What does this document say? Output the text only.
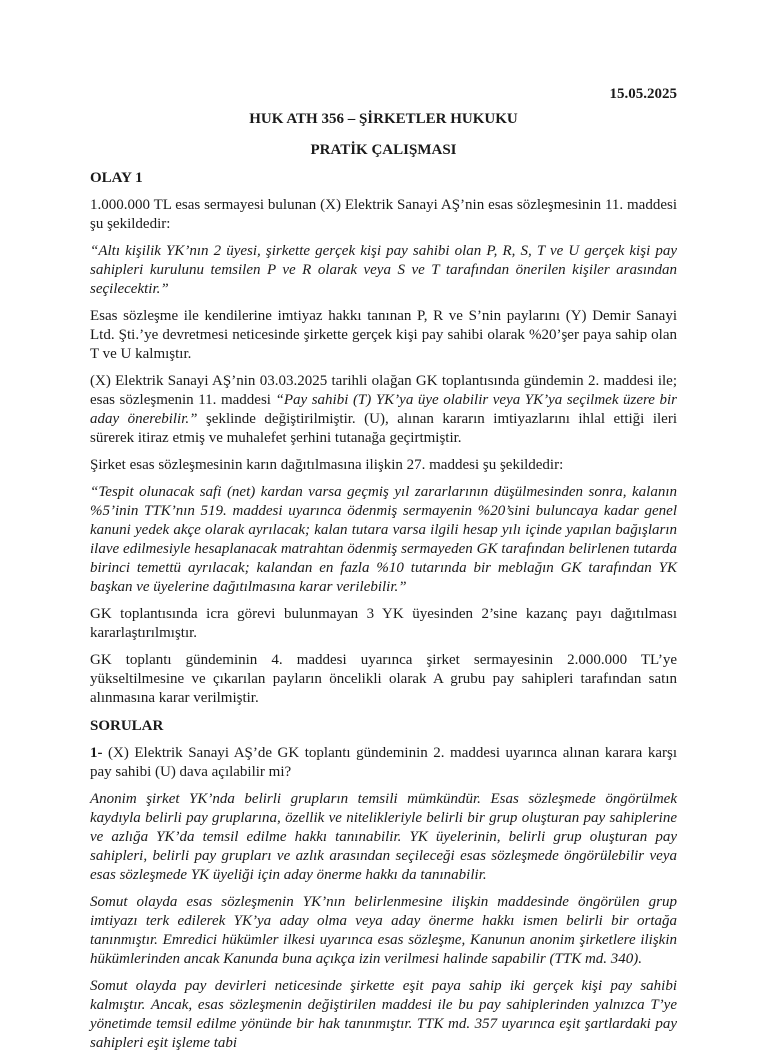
15.05.2025

HUK ATH 356 – ŞİRKETLER HUKUKU

PRATİK ÇALIŞMASI

OLAY 1

1.000.000 TL esas sermayesi bulunan (X) Elektrik Sanayi AŞ’nin esas sözleşmesinin 11. maddesi şu şekildedir:

“Altı kişilik YK’nın 2 üyesi, şirkette gerçek kişi pay sahibi olan P, R, S, T ve U gerçek kişi pay sahipleri kurulunu temsilen P ve R olarak veya S ve T tarafından önerilen kişiler arasından seçilecektir.”

Esas sözleşme ile kendilerine imtiyaz hakkı tanınan P, R ve S’nin paylarını (Y) Demir Sanayi Ltd. Şti.’ye devretmesi neticesinde şirkette gerçek kişi pay sahibi olarak %20’şer paya sahip olan T ve U kalmıştır.

(X) Elektrik Sanayi AŞ’nin 03.03.2025 tarihli olağan GK toplantısında gündemin 2. maddesi ile; esas sözleşmenin 11. maddesi “Pay sahibi (T) YK’ya üye olabilir veya YK’ya seçilmek üzere bir aday önerebilir.” şeklinde değiştirilmiştir. (U), alınan kararın imtiyazlarını ihlal ettiği ileri sürerek itiraz etmiş ve muhalefet şerhini tutanağa geçirtmiştir.

Şirket esas sözleşmesinin karın dağıtılmasına ilişkin 27. maddesi şu şekildedir:

“Tespit olunacak safi (net) kardan varsa geçmiş yıl zararlarının düşülmesinden sonra, kalanın %5’inin TTK’nın 519. maddesi uyarınca ödenmiş sermayenin %20’sini buluncaya kadar genel kanuni yedek akçe olarak ayrılacak; kalan tutara varsa ilgili hesap yılı içinde yapılan bağışların ilave edilmesiyle hesaplanacak matrahtan ödenmiş sermayeden GK tarafından belirlenen tutarda birinci temettü ayrılacak; kalandan en fazla %10 tutarında bir meblağın GK tarafından YK başkan ve üyelerine dağıtılmasına karar verilebilir.”

GK toplantısında icra görevi bulunmayan 3 YK üyesinden 2’sine kazanç payı dağıtılması kararlaştırılmıştır.

GK toplantı gündeminin 4. maddesi uyarınca şirket sermayesinin 2.000.000 TL’ye yükseltilmesine ve çıkarılan payların öncelikli olarak A grubu pay sahipleri tarafından satın alınmasına karar verilmiştir.

SORULAR

1- (X) Elektrik Sanayi AŞ’de GK toplantı gündeminin 2. maddesi uyarınca alınan karara karşı pay sahibi (U) dava açılabilir mi?

Anonim şirket YK’nda belirli grupların temsili mümkündür. Esas sözleşmede öngörülmek kaydıyla belirli pay gruplarına, özellik ve nitelikleriyle belirli bir grup oluşturan pay sahiplerine ve azlığa YK’da temsil edilme hakkı tanınabilir. YK üyelerinin, belirli grup oluşturan pay sahipleri, belirli pay grupları ve azlık arasından seçileceği esas sözleşmede öngörülebilir veya esas sözleşmede YK üyeliği için aday önerme hakkı da tanınabilir.

Somut olayda esas sözleşmenin YK’nın belirlenmesine ilişkin maddesinde öngörülen grup imtiyazı terk edilerek YK’ya aday olma veya aday önerme hakkı ismen belirli bir ortağa tanınmıştır. Emredici hükümler ilkesi uyarınca esas sözleşme, Kanunun anonim şirketlere ilişkin hükümlerinden ancak Kanunda buna açıkça izin verilmesi halinde sapabilir (TTK md. 340).

Somut olayda pay devirleri neticesinde şirkette eşit paya sahip iki gerçek kişi pay sahibi kalmıştır. Ancak, esas sözleşmenin değiştirilen maddesi ile bu pay sahiplerinden yalnızca T’ye yönetimde temsil edilme yönünde bir hak tanınmıştır. TTK md. 357 uyarınca eşit şartlardaki pay sahipleri eşit işleme tabi
